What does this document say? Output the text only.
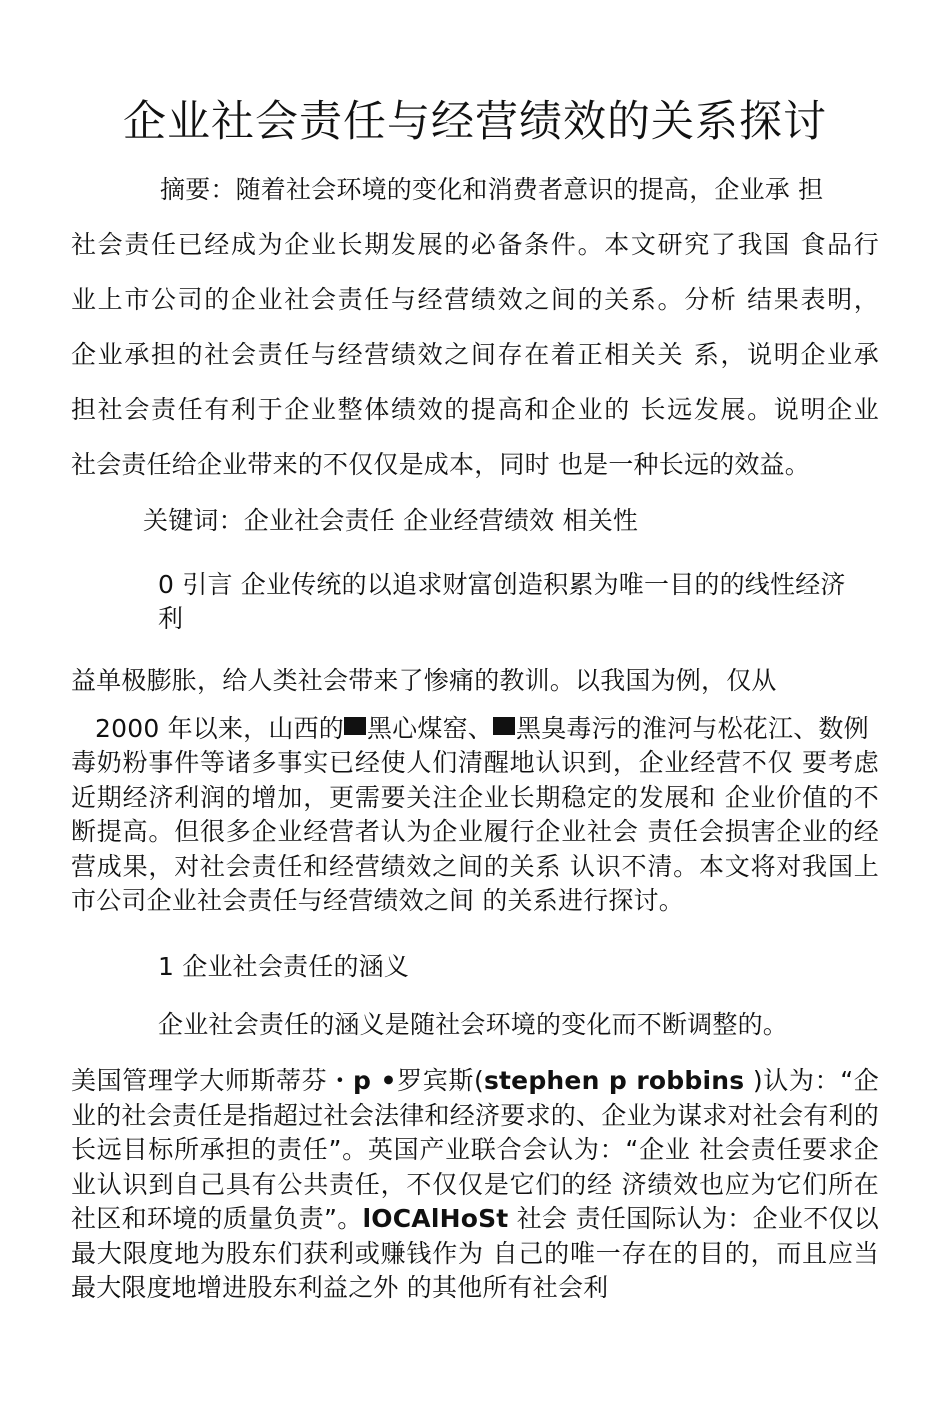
企业社会责任与经营绩效的关系探讨
摘要：随着社会环境的变化和消费者意识的提高，企业承 担
社会责任已经成为企业长期发展的必备条件。本文研究了我国 食品行
业上市公司的企业社会责任与经营绩效之间的关系。分析 结果表明，
企业承担的社会责任与经营绩效之间存在着正相关关 系，说明企业承
担社会责任有利于企业整体绩效的提高和企业的 长远发展。说明企业
社会责任给企业带来的不仅仅是成本，同时 也是一种长远的效益。
关键词：企业社会责任 企业经营绩效 相关性
0 引言 企业传统的以追求财富创造积累为唯一目的的线性经济
利
益单极膨胀，给人类社会带来了惨痛的教训。以我国为例，仅从
2000 年以来，山西的 黑心煤窑、 黑臭毒污的淮河与松花江、数例
毒奶粉事件等诸多事实已经使人们清醒地认识到，企业经营不仅 要考虑近期经济利润的增加，更需要关注企业长期稳定的发展和 企业价值的不断提高。但很多企业经营者认为企业履行企业社会 责任会损害企业的经营成果，对社会责任和经营绩效之间的关系 认识不清。本文将对我国上市公司企业社会责任与经营绩效之间 的关系进行探讨。
1 企业社会责任的涵义
企业社会责任的涵义是随社会环境的变化而不断调整的。
美国管理学大师斯蒂芬・p •罗宾斯(stephen p robbins )认为：“企 业的社会责任是指超过社会法律和经济要求的、企业为谋求对社会有利的长远目标所承担的责任”。英国产业联合会认为：“企业 社会责任要求企业认识到自己具有公共责任，不仅仅是它们的经 济绩效也应为它们所在社区和环境的质量负责”。lOCAlHoSt 社会 责任国际认为：企业不仅以最大限度地为股东们获利或赚钱作为 自己的唯一存在的目的，而且应当最大限度地增进股东利益之外 的其他所有社会利
